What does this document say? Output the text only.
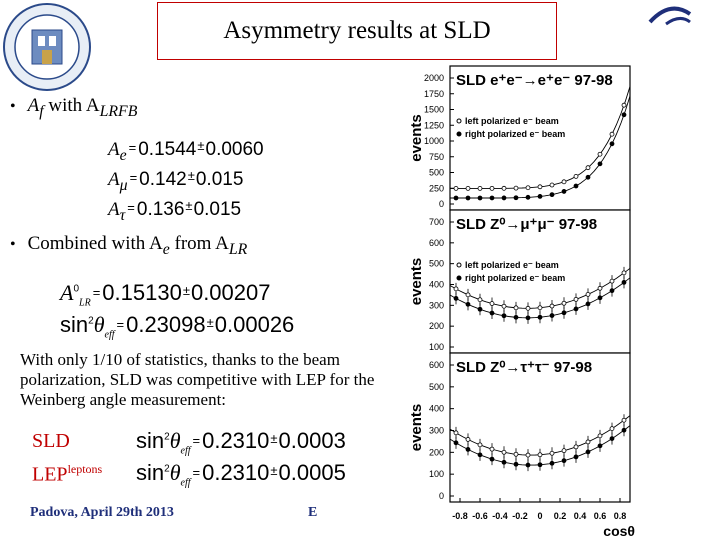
Asymmetry results at SLD
• $A_f$ with $A_{LRFB}$
$A_e = 0.1544^\pm 0.0060$
$A_\mu = 0.142^\pm 0.015$
$A_\tau = 0.136^\pm 0.015$
• Combined with $A_e$ from $A_{LR}$
$A^0_{LR}=0.15130^\pm 0.00207$
$\sin^2\theta_{eff}=0.23098^\pm 0.00026$
With only 1/10 of statistics, thanks to the beam polarization, SLD was competitive with LEP for the Weinberg angle measurement:
SLD	$\sin^2\theta_{eff}=0.2310^\pm 0.0003$
$LEP^{leptons}$ $\sin^2\theta_{eff}=0.2310^\pm 0.0005$
Padova, April 29th 2013	E
SLD e⁺e⁻→e⁺e⁻ 97-98
2000
1750
1500
1250
1000
750
500
250
0
left polarized e⁻ beam
right polarized e⁻ beam
SLD Z⁰→μ⁺μ⁻ 97-98
700
600
500
400
300
200
100
left polarized e⁻ beam
right polarized e⁻ beam
SLD Z⁰→τ⁺τ⁻ 97-98
600
500
400
300
200
100
0
events
events
events
-0.8 -0.6 -0.4 -0.2 0 0.2 0.4 0.6 0.8
cosθ
